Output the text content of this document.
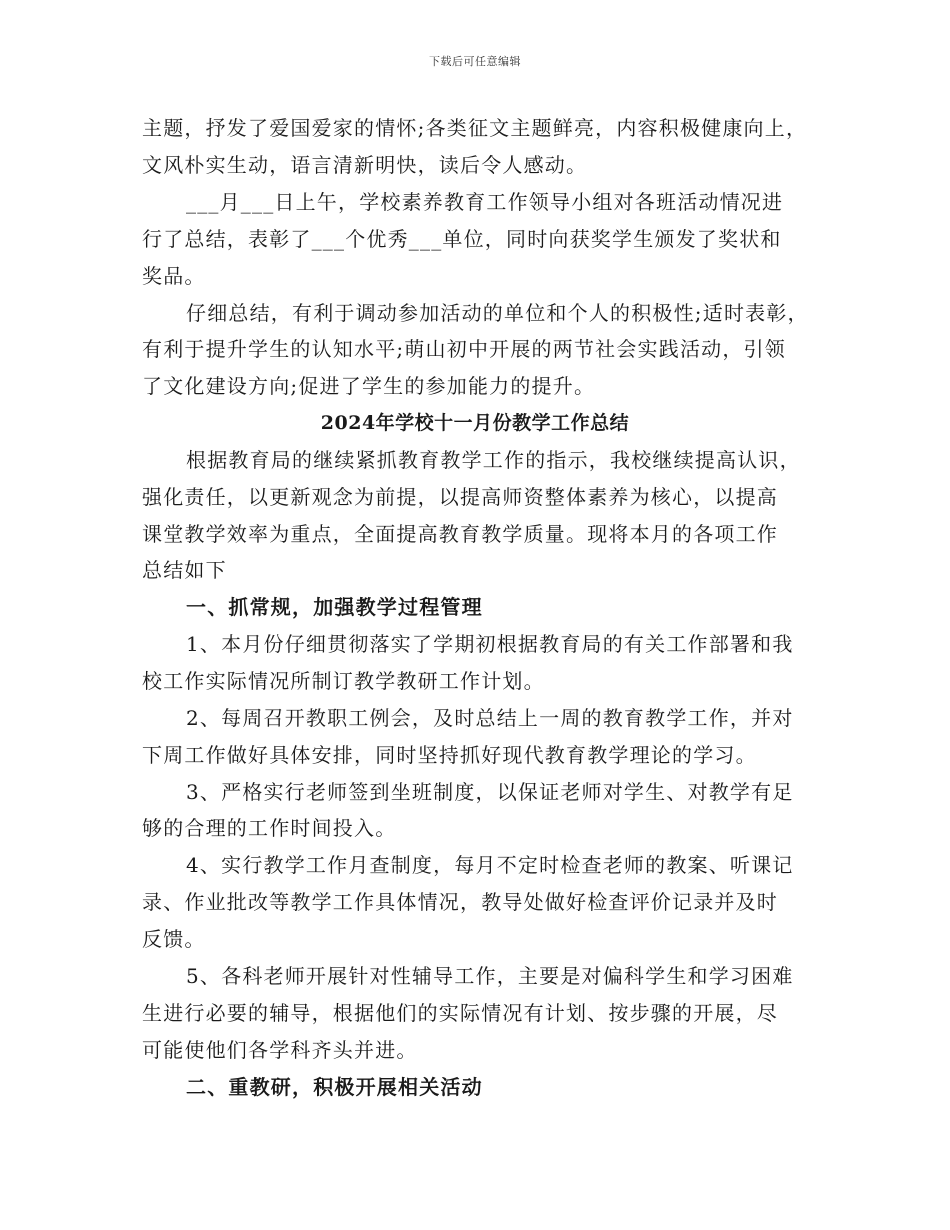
下载后可任意编辑
主题，抒发了爱国爱家的情怀;各类征文主题鲜亮，内容积极健康向上，
文风朴实生动，语言清新明快，读后令人感动。
___月___日上午，学校素养教育工作领导小组对各班活动情况进
行了总结，表彰了___个优秀___单位，同时向获奖学生颁发了奖状和
奖品。
仔细总结，有利于调动参加活动的单位和个人的积极性;适时表彰，
有利于提升学生的认知水平;萌山初中开展的两节社会实践活动，引领
了文化建设方向;促进了学生的参加能力的提升。
2024年学校十一月份教学工作总结
根据教育局的继续紧抓教育教学工作的指示，我校继续提高认识，
强化责任，以更新观念为前提，以提高师资整体素养为核心，以提高
课堂教学效率为重点，全面提高教育教学质量。现将本月的各项工作
总结如下
一、抓常规，加强教学过程管理
1、本月份仔细贯彻落实了学期初根据教育局的有关工作部署和我
校工作实际情况所制订教学教研工作计划。
2、每周召开教职工例会，及时总结上一周的教育教学工作，并对
下周工作做好具体安排，同时坚持抓好现代教育教学理论的学习。
3、严格实行老师签到坐班制度，以保证老师对学生、对教学有足
够的合理的工作时间投入。
4、实行教学工作月查制度，每月不定时检查老师的教案、听课记
录、作业批改等教学工作具体情况，教导处做好检查评价记录并及时
反馈。
5、各科老师开展针对性辅导工作，主要是对偏科学生和学习困难
生进行必要的辅导，根据他们的实际情况有计划、按步骤的开展，尽
可能使他们各学科齐头并进。
二、重教研，积极开展相关活动
